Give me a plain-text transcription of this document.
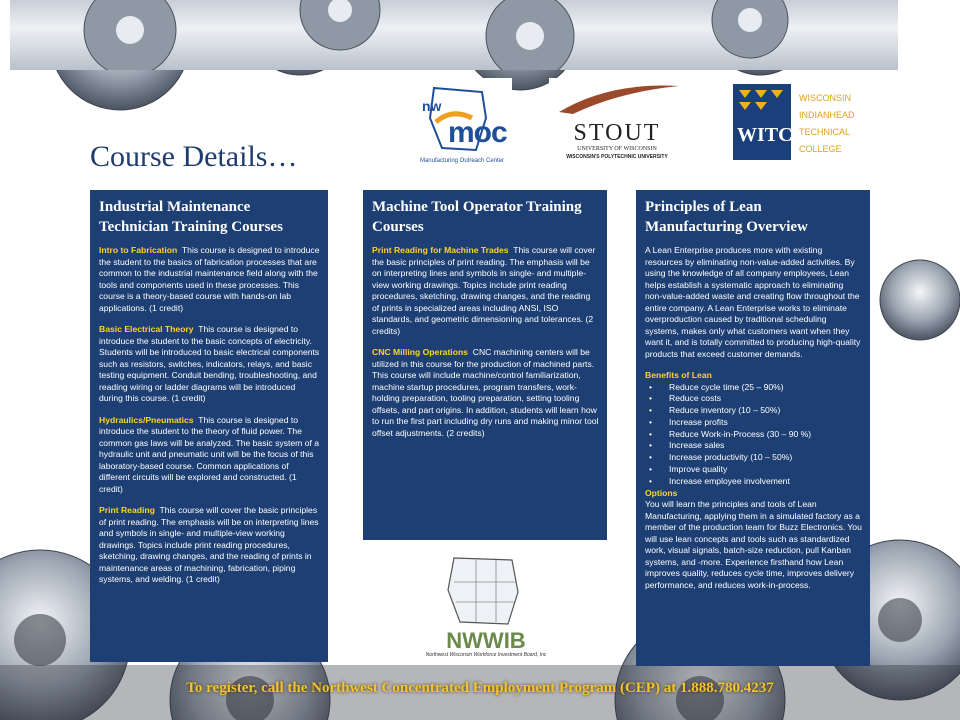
nw
moc
Manufacturing Outreach Center
STOUT
UNIVERSITY OF WISCONSIN
WISCONSIN'S POLYTECHNIC UNIVERSITY
WITC
WISCONSIN
INDIANHEAD
TECHNICAL
COLLEGE
NWWIB
Northwest Wisconsin Workforce Investment Board, Inc
Course Details…
Industrial Maintenance Technician Training Courses

Intro to Fabrication This course is designed to introduce the student to the basics of fabrication processes that are common to the industrial maintenance field along with the tools and components used in these processes. This course is a theory-based course with hands-on lab applications. (1 credit)

Basic Electrical Theory This course is designed to introduce the student to the basic concepts of electricity. Students will be introduced to basic electrical components such as resistors, switches, indicators, relays, and basic testing equipment. Conduit bending, troubleshooting, and reading wiring or ladder diagrams will be introduced during this course. (1 credit)

Hydraulics/Pneumatics This course is designed to introduce the student to the theory of fluid power. The common gas laws will be analyzed. The basic system of a hydraulic unit and pneumatic unit will be the focus of this laboratory-based course. Common applications of different circuits will be explored and constructed. (1 credit)

Print Reading This course will cover the basic principles of print reading. The emphasis will be on interpreting lines and symbols in single- and multiple-view working drawings. Topics include print reading procedures, sketching, drawing changes, and the reading of prints in maintenance areas of machining, fabrication, piping systems, and welding. (1 credit)

Machine Tool Operator Training Courses

Print Reading for Machine Trades This course will cover the basic principles of print reading. The emphasis will be on interpreting lines and symbols in single- and multiple-view working drawings. Topics include print reading procedures, sketching, drawing changes, and the reading of prints in specialized areas including ANSI, ISO standards, and geometric dimensioning and tolerances. (2 credits)

CNC Milling Operations CNC machining centers will be utilized in this course for the production of machined parts. This course will include machine/control familiarization, machine startup procedures, program transfers, work-holding preparation, tooling preparation, setting tooling offsets, and part origins. In addition, students will learn how to run the first part including dry runs and making minor tool offset adjustments. (2 credits)

Principles of Lean Manufacturing Overview

A Lean Enterprise produces more with existing resources by eliminating non-value-added activities. By using the knowledge of all company employees, Lean helps establish a systematic approach to eliminating non-value-added waste and creating flow throughout the entire company. A Lean Enterprise works to eliminate overproduction caused by traditional scheduling systems, makes only what customers want when they want it, and is totally committed to producing high-quality products that exceed customer demands.

Benefits of Lean
• Reduce cycle time (25 – 90%)
• Reduce costs
• Reduce inventory (10 – 50%)
• Increase profits
• Reduce Work-in-Process (30 – 90 %)
• Increase sales
• Increase productivity (10 – 50%)
• Improve quality
• Increase employee involvement
Options

You will learn the principles and tools of Lean Manufacturing, applying them in a simulated factory as a member of the production team for Buzz Electronics. You will use lean concepts and tools such as standardized work, visual signals, batch-size reduction, pull Kanban systems, and -more. Experience firsthand how Lean improves quality, reduces cycle time, improves delivery performance, and reduces work-in-process.

To register, call the Northwest Concentrated Employment Program (CEP) at 1.888.780.4237
